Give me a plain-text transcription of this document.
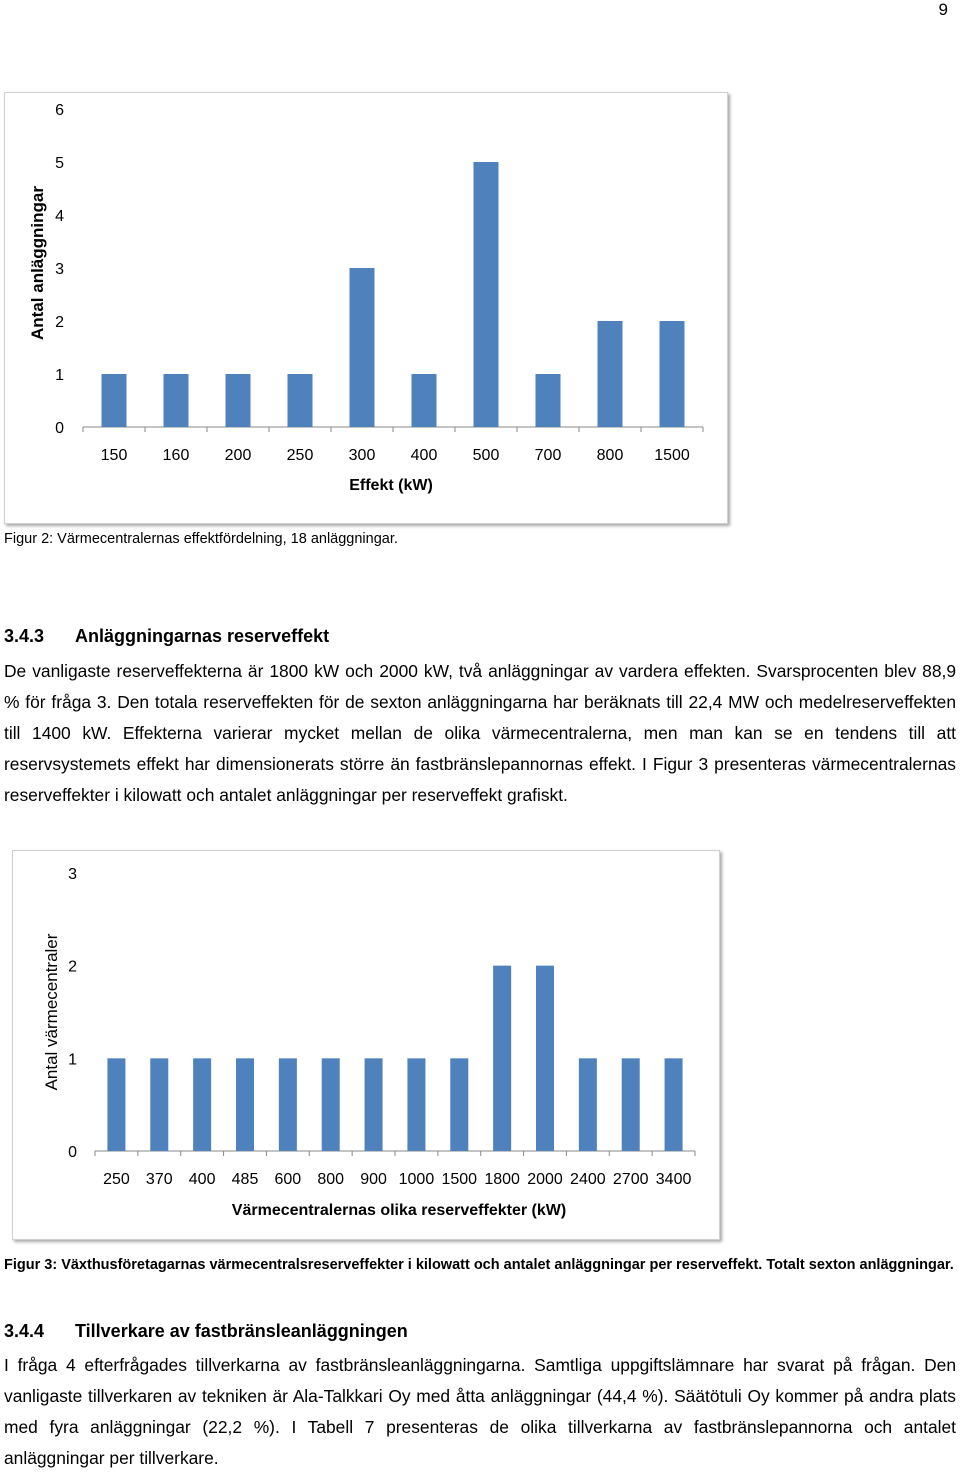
9
Antal anläggningar
Effekt (kW)
0
1
2
3
4
5
6
150 160 200 250 300 400 500 700 800 1500
Figur 2: Värmecentralernas effektfördelning, 18 anläggningar.
3.4.3 Anläggningarnas reserveffekt
De vanligaste reserveffekterna är 1800 kW och 2000 kW, två anläggningar av vardera effekten. Svarsprocenten blev 88,9 % för fråga 3. Den totala reserveffekten för de sexton anläggningarna har beräknats till 22,4 MW och medelreserveffekten till 1400 kW. Effekterna varierar mycket mellan de olika värmecentralerna, men man kan se en tendens till att reservsystemets effekt har dimensionerats större än fastbränslepannornas effekt. I Figur 3 presenteras värmecentralernas reserveffekter i kilowatt och antalet anläggningar per reserveffekt grafiskt.
Antal värmecentraler
Värmecentralernas olika reserveffekter (kW)
0
1
2
3
250 370 400 485 600 800 900 1000 1500 1800 2000 2400 2700 3400
Figur 3: Växthusföretagarnas värmecentralsreserveffekter i kilowatt och antalet anläggningar per reserveffekt. Totalt sexton anläggningar.
3.4.4 Tillverkare av fastbränsleanläggningen
I fråga 4 efterfrågades tillverkarna av fastbränsleanläggningarna. Samtliga uppgiftslämnare har svarat på frågan. Den vanligaste tillverkaren av tekniken är Ala-Talkkari Oy med åtta anläggningar (44,4 %). Säätötuli Oy kommer på andra plats med fyra anläggningar (22,2 %). I Tabell 7 presenteras de olika tillverkarna av fastbränslepannorna och antalet anläggningar per tillverkare.
